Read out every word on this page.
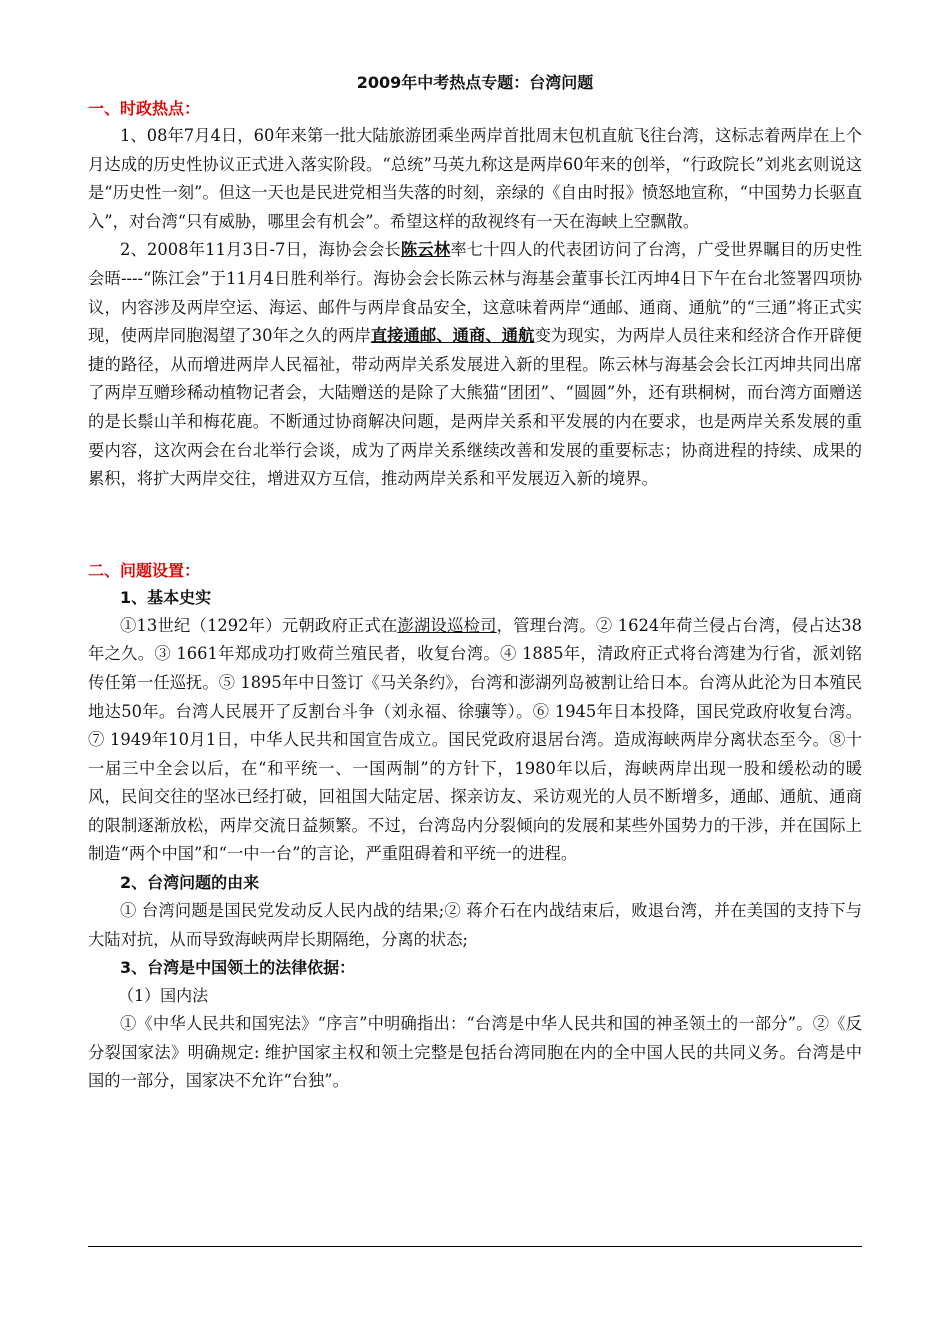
2009年中考热点专题：台湾问题

一、时政热点：

1、08年7月4日，60年来第一批大陆旅游团乘坐两岸首批周末包机直航飞往台湾，这标志着两岸在上个月达成的历史性协议正式进入落实阶段。“总统”马英九称这是两岸60年来的创举，“行政院长”刘兆玄则说这是“历史性一刻”。但这一天也是民进党相当失落的时刻，亲绿的《自由时报》愤怒地宣称，“中国势力长驱直入”，对台湾“只有威胁，哪里会有机会”。希望这样的敌视终有一天在海峡上空飘散。

2、2008年11月3日-7日，海协会会长陈云林率七十四人的代表团访问了台湾，广受世界瞩目的历史性会晤----“陈江会”于11月4日胜利举行。海协会会长陈云林与海基会董事长江丙坤4日下午在台北签署四项协议，内容涉及两岸空运、海运、邮件与两岸食品安全，这意味着两岸“通邮、通商、通航”的“三通”将正式实现，使两岸同胞渴望了30年之久的两岸直接通邮、通商、通航变为现实，为两岸人员往来和经济合作开辟便捷的路径，从而增进两岸人民福祉，带动两岸关系发展进入新的里程。陈云林与海基会会长江丙坤共同出席了两岸互赠珍稀动植物记者会，大陆赠送的是除了大熊猫“团团”、“圆圆”外，还有珙桐树，而台湾方面赠送的是长鬃山羊和梅花鹿。不断通过协商解决问题，是两岸关系和平发展的内在要求，也是两岸关系发展的重要内容，这次两会在台北举行会谈，成为了两岸关系继续改善和发展的重要标志；协商进程的持续、成果的累积，将扩大两岸交往，增进双方互信，推动两岸关系和平发展迈入新的境界。

二、问题设置：

1、基本史实

①13世纪（1292年）元朝政府正式在澎湖设巡检司，管理台湾。② 1624年荷兰侵占台湾，侵占达38年之久。③ 1661年郑成功打败荷兰殖民者，收复台湾。④ 1885年，清政府正式将台湾建为行省，派刘铭传任第一任巡抚。⑤ 1895年中日签订《马关条约》，台湾和澎湖列岛被割让给日本。台湾从此沦为日本殖民地达50年。台湾人民展开了反割台斗争（刘永福、徐骧等）。⑥ 1945年日本投降，国民党政府收复台湾。⑦ 1949年10月1日，中华人民共和国宣告成立。国民党政府退居台湾。造成海峡两岸分离状态至今。⑧十一届三中全会以后，在“和平统一、一国两制”的方针下，1980年以后，海峡两岸出现一股和缓松动的暖风，民间交往的坚冰已经打破，回祖国大陆定居、探亲访友、采访观光的人员不断增多，通邮、通航、通商的限制逐渐放松，两岸交流日益频繁。不过，台湾岛内分裂倾向的发展和某些外国势力的干涉，并在国际上制造“两个中国”和“一中一台”的言论，严重阻碍着和平统一的进程。

2、台湾问题的由来

① 台湾问题是国民党发动反人民内战的结果;② 蒋介石在内战结束后，败退台湾，并在美国的支持下与大陆对抗，从而导致海峡两岸长期隔绝，分离的状态;

3、台湾是中国领土的法律依据：

（1）国内法

①《中华人民共和国宪法》“序言”中明确指出：“台湾是中华人民共和国的神圣领土的一部分”。②《反分裂国家法》明确规定: 维护国家主权和领土完整是包括台湾同胞在内的全中国人民的共同义务。台湾是中国的一部分，国家决不允许“台独”。
